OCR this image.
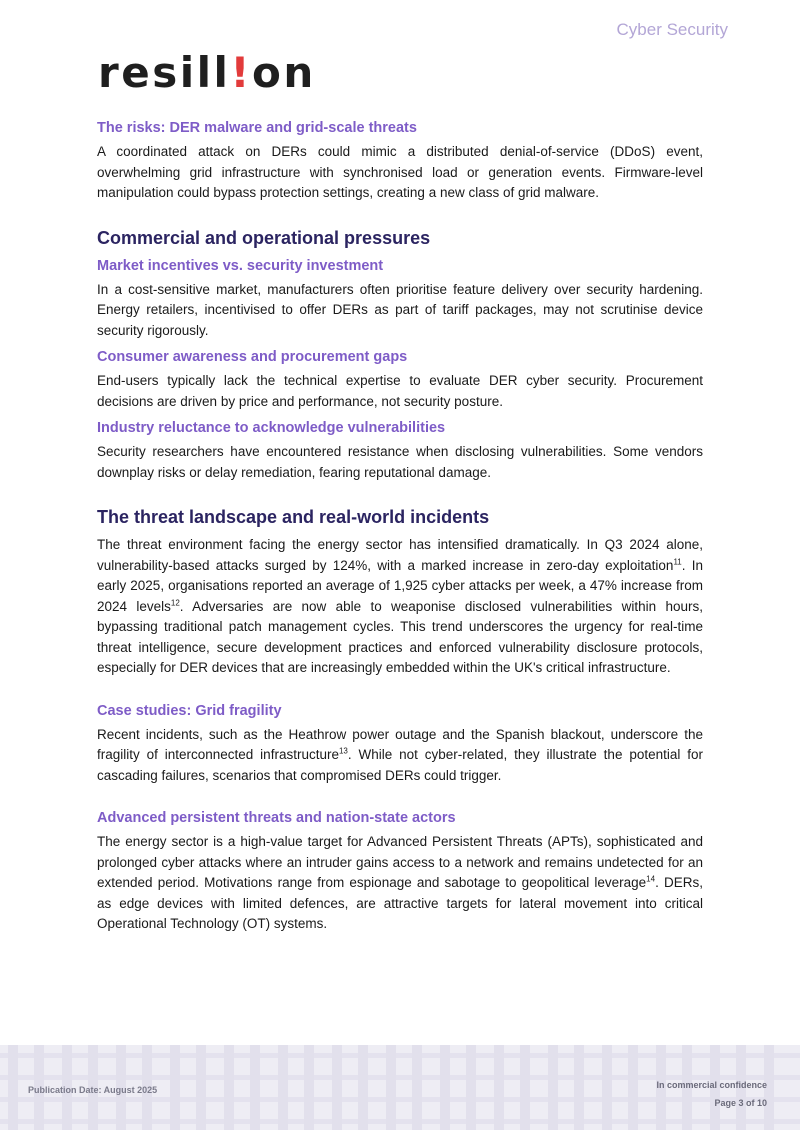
Cyber Security
resill!on
The risks: DER malware and grid-scale threats

A coordinated attack on DERs could mimic a distributed denial-of-service (DDoS) event, overwhelming grid infrastructure with synchronised load or generation events. Firmware-level manipulation could bypass protection settings, creating a new class of grid malware.

Commercial and operational pressures
Market incentives vs. security investment

In a cost-sensitive market, manufacturers often prioritise feature delivery over security hardening. Energy retailers, incentivised to offer DERs as part of tariff packages, may not scrutinise device security rigorously.

Consumer awareness and procurement gaps

End-users typically lack the technical expertise to evaluate DER cyber security. Procurement decisions are driven by price and performance, not security posture.

Industry reluctance to acknowledge vulnerabilities

Security researchers have encountered resistance when disclosing vulnerabilities. Some vendors downplay risks or delay remediation, fearing reputational damage.

The threat landscape and real-world incidents

The threat environment facing the energy sector has intensified dramatically. In Q3 2024 alone, vulnerability-based attacks surged by 124%, with a marked increase in zero-day exploitation$^{11}$. In early 2025, organisations reported an average of 1,925 cyber attacks per week, a 47% increase from 2024 levels$^{12}$. Adversaries are now able to weaponise disclosed vulnerabilities within hours, bypassing traditional patch management cycles. This trend underscores the urgency for real-time threat intelligence, secure development practices and enforced vulnerability disclosure protocols, especially for DER devices that are increasingly embedded within the UK's critical infrastructure.

Case studies: Grid fragility

Recent incidents, such as the Heathrow power outage and the Spanish blackout, underscore the fragility of interconnected infrastructure$^{13}$. While not cyber-related, they illustrate the potential for cascading failures, scenarios that compromised DERs could trigger.

Advanced persistent threats and nation-state actors

The energy sector is a high-value target for Advanced Persistent Threats (APTs), sophisticated and prolonged cyber attacks where an intruder gains access to a network and remains undetected for an extended period. Motivations range from espionage and sabotage to geopolitical leverage$^{14}$. DERs, as edge devices with limited defences, are attractive targets for lateral movement into critical Operational Technology (OT) systems.

Publication Date: August 2025	In commercial confidence
Page 3 of 10
